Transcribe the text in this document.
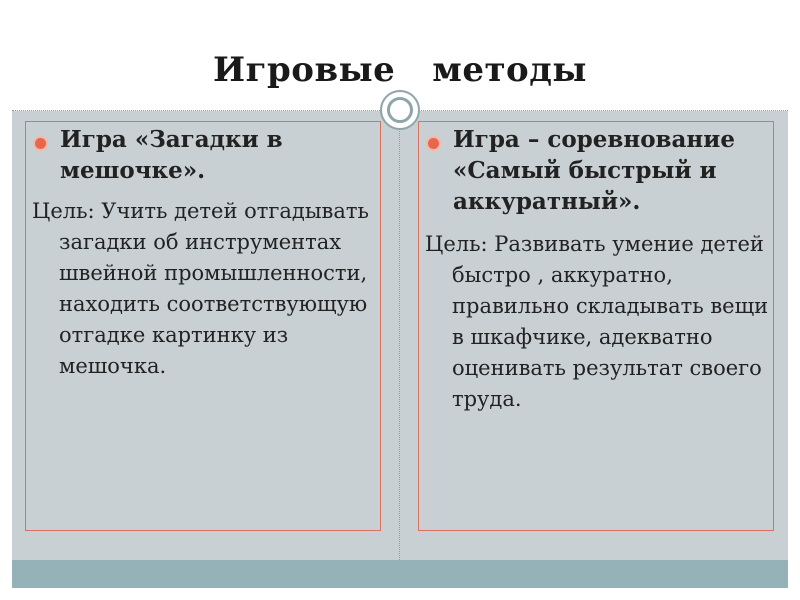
Игровые   методы
Игра «Загадки в мешочке».
Цель: Учить детей отгадывать загадки об инструментах швейной промышленности, находить соответствующую отгадке картинку из мешочка.
Игра – соревнование «Самый быстрый и аккуратный».
Цель: Развивать умение детей быстро , аккуратно, правильно складывать вещи в шкафчике, адекватно оценивать результат своего труда.
